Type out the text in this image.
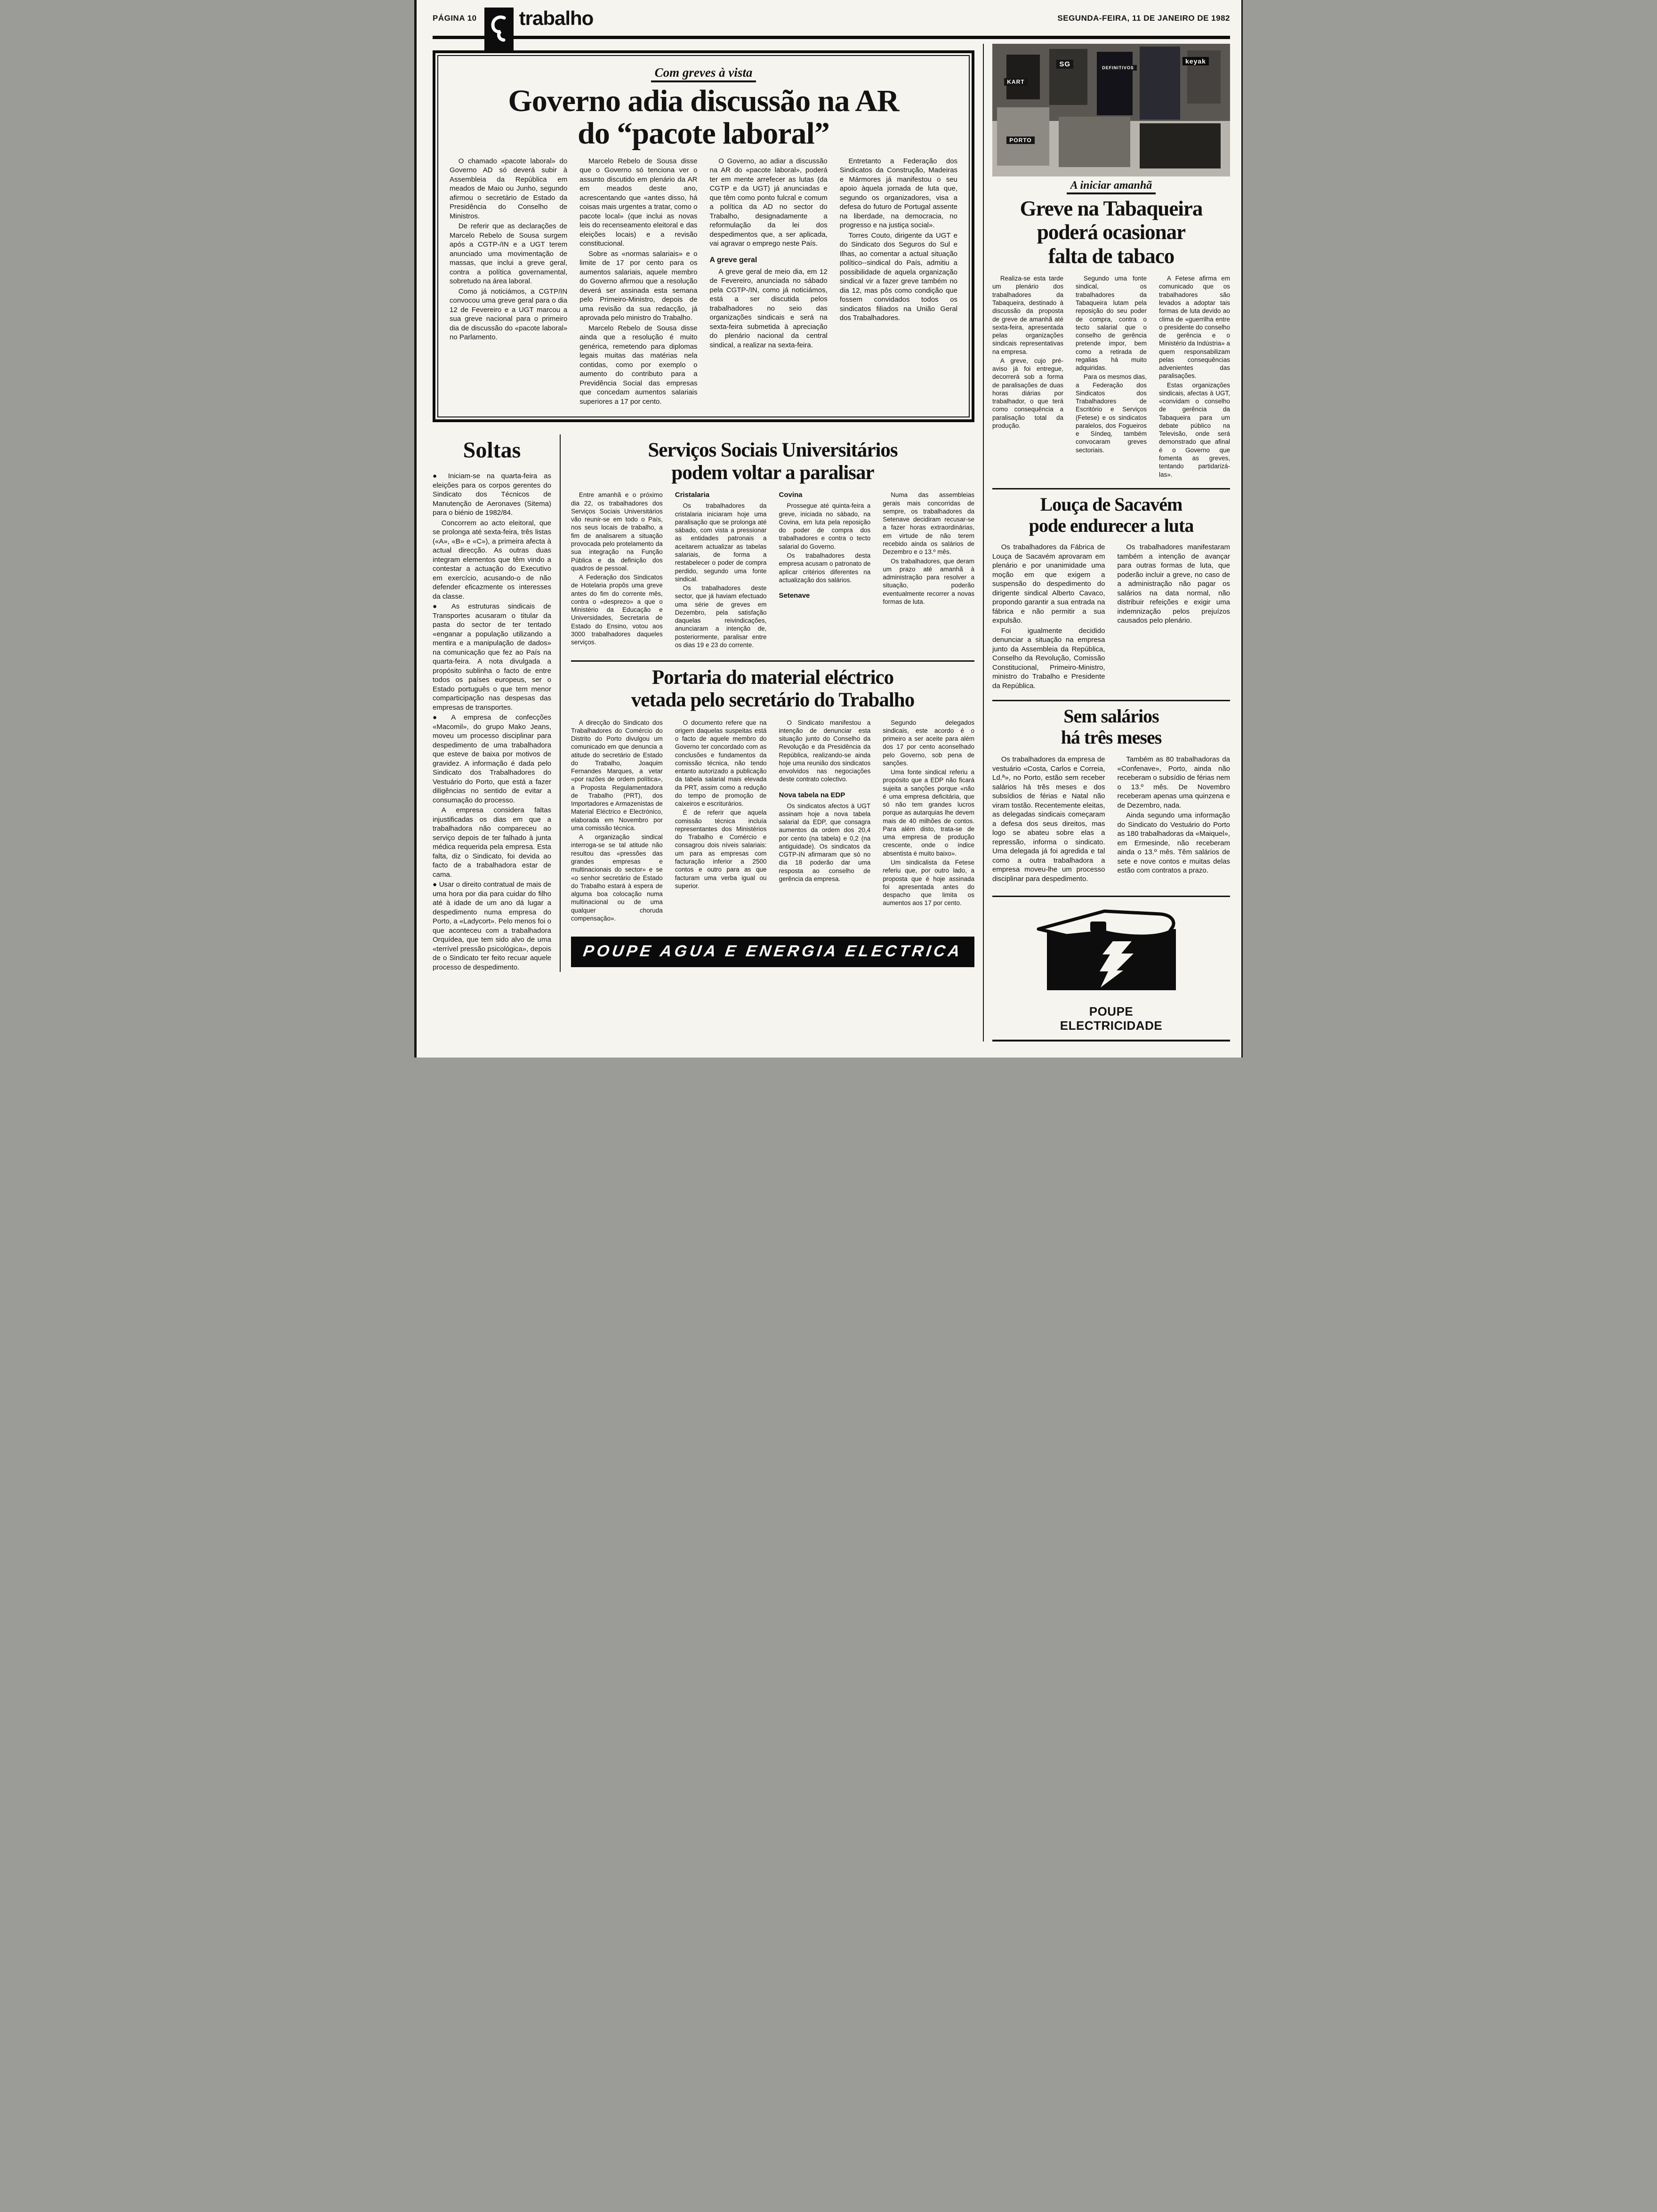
PÁGINA 10 trabalho	SEGUNDA-FEIRA, 11 DE JANEIRO DE 1982
Com greves à vista
Governo adia discussão na AR
do “pacote laboral”

O chamado «pacote laboral» do Governo AD só deverá subir à Assembleia da República em meados de Maio ou Junho, segundo afirmou o secretário de Estado da Presidência do Conselho de Ministros.

De referir que as declarações de Marcelo Rebelo de Sousa surgem após a CGTP-/IN e a UGT terem anunciado uma movimentação de massas, que inclui a greve geral, contra a política governamental, sobretudo na área laboral.

Como já noticiámos, a CGTP/IN convocou uma greve geral para o dia 12 de Fevereiro e a UGT marcou a sua greve nacional para o primeiro dia de discussão do «pacote laboral» no Parlamento.

Marcelo Rebelo de Sousa disse que o Governo só tenciona ver o assunto discutido em plenário da AR em meados deste ano, acrescentando que «antes disso, há coisas mais urgentes a tratar, como o pacote local» (que inclui as novas leis do recenseamento eleitoral e das eleições locais) e a revisão constitucional.

Sobre as «normas salariais» e o limite de 17 por cento para os aumentos salariais, aquele membro do Governo afirmou que a resolução deverá ser assinada esta semana pelo Primeiro-Ministro, depois de uma revisão da sua redacção, já aprovada pelo ministro do Trabalho.

Marcelo Rebelo de Sousa disse ainda que a resolução é muito genérica, remetendo para diplomas legais muitas das matérias nela contidas, como por exemplo o aumento do contributo para a Previdência Social das empresas que concedam aumentos salariais superiores a 17 por cento.

O Governo, ao adiar a discussão na AR do «pacote laboral», poderá ter em mente arrefecer as lutas (da CGTP e da UGT) já anunciadas e que têm como ponto fulcral e comum a política da AD no sector do Trabalho, designadamente a reformulação da lei dos despedimentos que, a ser aplicada, vai agravar o emprego neste País.

A greve geral

A greve geral de meio dia, em 12 de Fevereiro, anunciada no sábado pela CGTP-/IN, como já noticiámos, está a ser discutida pelos trabalhadores no seio das organizações sindicais e será na sexta-feira submetida à apreciação do plenário nacional da central sindical, a realizar na sexta-feira.

Entretanto a Federação dos Sindicatos da Construção, Madeiras e Mármores já manifestou o seu apoio àquela jornada de luta que, segundo os organizadores, visa a defesa do futuro de Portugal assente na liberdade, na democracia, no progresso e na justiça social».

Torres Couto, dirigente da UGT e do Sindicato dos Seguros do Sul e Ilhas, ao comentar a actual situação político--sindical do País, admitiu a possibilidade de aquela organização sindical vir a fazer greve também no dia 12, mas pôs como condição que fossem convidados todos os sindicatos filiados na União Geral dos Trabalhadores.

Soltas

● Iniciam-se na quarta-feira as eleições para os corpos gerentes do Sindicato dos Técnicos de Manutenção de Aeronaves (Sitema) para o biénio de 1982/84.

Concorrem ao acto eleitoral, que se prolonga até sexta-feira, três listas («A», «B» e «C»), a primeira afecta à actual direcção. As outras duas integram elementos que têm vindo a contestar a actuação do Executivo em exercício, acusando-o de não defender eficazmente os interesses da classe.

● As estruturas sindicais de Transportes acusaram o titular da pasta do sector de ter tentado «enganar a população utilizando a mentira e a manipulação de dados» na comunicação que fez ao País na quarta-feira. A nota divulgada a propósito sublinha o facto de entre todos os países europeus, ser o Estado português o que tem menor comparticipação nas despesas das empresas de transportes.

● A empresa de confecções «Macomil», do grupo Mako Jeans, moveu um processo disciplinar para despedimento de uma trabalhadora que esteve de baixa por motivos de gravidez. A informação é dada pelo Sindicato dos Trabalhadores do Vestuário do Porto, que está a fazer diligências no sentido de evitar a consumação do processo.

A empresa considera faltas injustificadas os dias em que a trabalhadora não compareceu ao serviço depois de ter falhado à junta médica requerida pela empresa. Esta falta, diz o Sindicato, foi devida ao facto de a trabalhadora estar de cama.

● Usar o direito contratual de mais de uma hora por dia para cuidar do filho até à idade de um ano dá lugar a despedimento numa empresa do Porto, a «Ladycort». Pelo menos foi o que aconteceu com a trabalhadora Orquídea, que tem sido alvo de uma «terrível pressão psicológica», depois de o Sindicato ter feito recuar aquele processo de despedimento.

Serviços Sociais Universitários
podem voltar a paralisar

Entre amanhã e o próximo dia 22, os trabalhadores dos Serviços Sociais Universitários vão reunir-se em todo o País, nos seus locais de trabalho, a fim de analisarem a situação provocada pelo protelamento da sua integração na Função Pública e da definição dos quadros de pessoal.

A Federação dos Sindicatos de Hotelaria propôs uma greve antes do fim do corrente mês, contra o «desprezo» a que o Ministério da Educação e Universidades, Secretaria de Estado do Ensino, votou aos 3000 trabalhadores daqueles serviços.

Cristalaria

Os trabalhadores da cristalaria iniciaram hoje uma paralisação que se prolonga até sábado, com vista a pressionar as entidades patronais a aceitarem actualizar as tabelas salariais, de forma a restabelecer o poder de compra perdido, segundo uma fonte sindical.

Os trabalhadores deste sector, que já haviam efectuado uma série de greves em Dezembro, pela satisfação daquelas reivindicações, anunciaram a intenção de, posteriormente, paralisar entre os dias 19 e 23 do corrente.

Covina

Prossegue até quinta-feira a greve, iniciada no sábado, na Covina, em luta pela reposição do poder de compra dos trabalhadores e contra o tecto salarial do Governo.

Os trabalhadores desta empresa acusam o patronato de aplicar critérios diferentes na actualização dos salários.

Setenave

Numa das assembleias gerais mais concorridas de sempre, os trabalhadores da Setenave decidiram recusar-se a fazer horas extraordinárias, em virtude de não terem recebido ainda os salários de Dezembro e o 13.º mês.

Os trabalhadores, que deram um prazo até amanhã à administração para resolver a situação, poderão eventualmente recorrer a novas formas de luta.

Portaria do material eléctrico
vetada pelo secretário do Trabalho

A direcção do Sindicato dos Trabalhadores do Comércio do Distrito do Porto divulgou um comunicado em que denuncia a atitude do secretário de Estado do Trabalho, Joaquim Fernandes Marques, a vetar «por razões de ordem política», a Proposta Regulamentadora de Trabalho (PRT), dos Importadores e Armazenistas de Material Eléctrico e Electrónico, elaborada em Novembro por uma comissão técnica.

A organização sindical interroga-se se tal atitude não resultou das «pressões das grandes empresas e multinacionais do sector» e se «o senhor secretário de Estado do Trabalho estará à espera de alguma boa colocação numa multinacional ou de uma qualquer choruda compensação».

O documento refere que na origem daquelas suspeitas está o facto de aquele membro do Governo ter concordado com as conclusões e fundamentos da comissão técnica, não tendo entanto autorizado a publicação da tabela salarial mais elevada da PRT, assim como a redução do tempo de promoção de caixeiros e escriturários.

É de referir que aquela comissão técnica incluía representantes dos Ministérios do Trabalho e Comércio e consagrou dois níveis salariais: um para as empresas com facturação inferior a 2500 contos e outro para as que facturam uma verba igual ou superior.

O Sindicato manifestou a intenção de denunciar esta situação junto do Conselho da Revolução e da Presidência da República, realizando-se ainda hoje uma reunião dos sindicatos envolvidos nas negociações deste contrato colectivo.

Nova tabela na EDP

Os sindicatos afectos à UGT assinam hoje a nova tabela salarial da EDP, que consagra aumentos da ordem dos 20,4 por cento (na tabela) e 0,2 (na antiguidade). Os sindicatos da CGTP-IN afirmaram que só no dia 18 poderão dar uma resposta ao conselho de gerência da empresa.

Segundo delegados sindicais, este acordo é o primeiro a ser aceite para além dos 17 por cento aconselhado pelo Governo, sob pena de sanções.

Uma fonte sindical referiu a propósito que a EDP não ficará sujeita a sanções porque «não é uma empresa deficitária, que só não tem grandes lucros porque as autarquias lhe devem mais de 40 milhões de contos. Para além disto, trata-se de uma empresa de produção crescente, onde o índice absentista é muito baixo».

Um sindicalista da Fetese referiu que, por outro lado, a proposta que é hoje assinada foi apresentada antes do despacho que limita os aumentos aos 17 por cento.

POUPE AGUA E ENERGIA ELECTRICA
SG	DEFINITIVOS
KART
keyak
PORTO
A iniciar amanhã
Greve na Tabaqueira
poderá ocasionar
falta de tabaco

Realiza-se esta tarde um plenário dos trabalhadores da Tabaqueira, destinado à discussão da proposta de greve de amanhã até sexta-feira, apresentada pelas organizações sindicais representativas na empresa.

A greve, cujo pré-aviso já foi entregue, decorrerá sob a forma de paralisações de duas horas diárias por trabalhador, o que terá como consequência a paralisação total da produção.

Segundo uma fonte sindical, os trabalhadores da Tabaqueira lutam pela reposição do seu poder de compra, contra o tecto salarial que o conselho de gerência pretende impor, bem como a retirada de regalias há muito adquiridas.

Para os mesmos dias, a Federação dos Sindicatos dos Trabalhadores de Escritório e Serviços (Fetese) e os sindicatos paralelos, dos Fogueiros e Síndeq, também convocaram greves sectoriais.

A Fetese afirma em comunicado que os trabalhadores são levados a adoptar tais formas de luta devido ao clima de «guerrilha entre o presidente do conselho de gerência e o Ministério da Indústria» a quem responsabilizam pelas consequências advenientes das paralisações.

Estas organizações sindicais, afectas à UGT, «convidam o conselho de gerência da Tabaqueira para um debate público na Televisão, onde será demonstrado que afinal é o Governo que fomenta as greves, tentando partidarizá-las».

Louça de Sacavém
pode endurecer a luta

Os trabalhadores da Fábrica de Louça de Sacavém aprovaram em plenário e por unanimidade uma moção em que exigem a suspensão do despedimento do dirigente sindical Alberto Cavaco, propondo garantir a sua entrada na fábrica e não permitir a sua expulsão.

Foi igualmente decidido denunciar a situação na empresa junto da Assembleia da República, Conselho da Revolução, Comissão Constitucional, Primeiro-Ministro, ministro do Trabalho e Presidente da República.

Os trabalhadores manifestaram também a intenção de avançar para outras formas de luta, que poderão incluir a greve, no caso de a administração não pagar os salários na data normal, não distribuir refeições e exigir uma indemnização pelos prejuízos causados pelo plenário.

Sem salários
há três meses

Os trabalhadores da empresa de vestuário «Costa, Carlos e Correia, Ld.ª», no Porto, estão sem receber salários há três meses e dos subsídios de férias e Natal não viram tostão. Recentemente eleitas, as delegadas sindicais começaram a defesa dos seus direitos, mas logo se abateu sobre elas a repressão, informa o sindicato. Uma delegada já foi agredida e tal como a outra trabalhadora a empresa moveu-lhe um processo disciplinar para despedimento.

Também as 80 trabalhadoras da «Confenave», Porto, ainda não receberam o subsídio de férias nem o 13.º mês. De Novembro receberam apenas uma quinzena e de Dezembro, nada.

Ainda segundo uma informação do Sindicato do Vestuário do Porto as 180 trabalhadoras da «Maiquel», em Ermesinde, não receberam ainda o 13.º mês. Têm salários de sete e nove contos e muitas delas estão com contratos a prazo.

POUPE
ELECTRICIDADE
